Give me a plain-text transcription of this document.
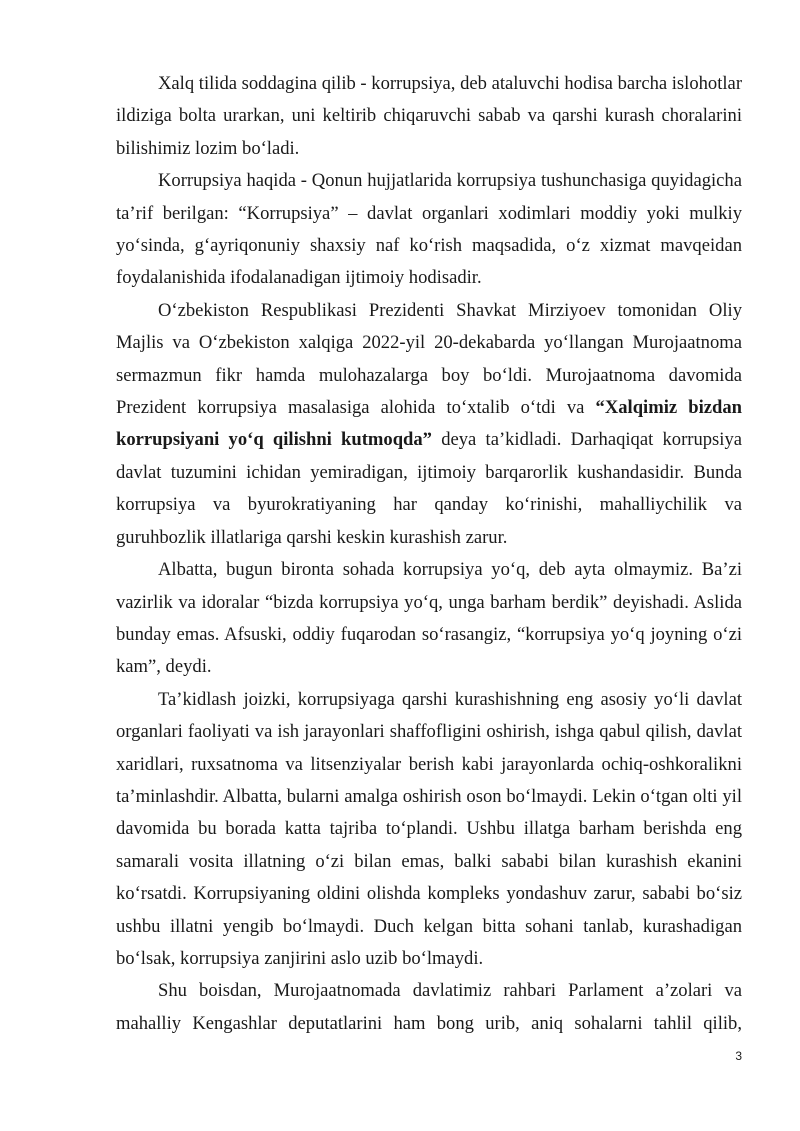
Xalq tilida soddagina qilib - korrupsiya, deb ataluvchi hodisa barcha islohotlar ildiziga bolta urarkan, uni keltirib chiqaruvchi sabab va qarshi kurash choralarini bilishimiz lozim boʻladi.

Korrupsiya haqida - Qonun hujjatlarida korrupsiya tushunchasiga quyidagicha taʼrif berilgan: “Korrupsiya” – davlat organlari xodimlari moddiy yoki mulkiy yoʻsinda, gʻayriqonuniy shaxsiy naf koʻrish maqsadida, oʻz xizmat mavqeidan foydalanishida ifodalanadigan ijtimoiy hodisadir.

Oʻzbekiston Respublikasi Prezidenti Shavkat Mirziyoev tomonidan Oliy Majlis va Oʻzbekiston xalqiga 2022-yil 20-dekabarda yoʻllangan Murojaatnoma sermazmun fikr hamda mulohazalarga boy boʻldi. Murojaatnoma davomida Prezident korrupsiya masalasiga alohida toʻxtalib oʻtdi va “Xalqimiz bizdan korrupsiyani yoʻq qilishni kutmoqda” deya taʼkidladi. Darhaqiqat korrupsiya davlat tuzumini ichidan yemiradigan, ijtimoiy barqarorlik kushandasidir. Bunda korrupsiya va byurokratiyaning har qanday koʻrinishi, mahalliychilik va guruhbozlik illatlariga qarshi keskin kurashish zarur.

Albatta, bugun bironta sohada korrupsiya yoʻq, deb ayta olmaymiz. Baʼzi vazirlik va idoralar “bizda korrupsiya yoʻq, unga barham berdik” deyishadi. Aslida bunday emas. Afsuski, oddiy fuqarodan soʻrasangiz, “korrupsiya yoʻq joyning oʻzi kam”, deydi.

Taʼkidlash joizki, korrupsiyaga qarshi kurashishning eng asosiy yoʻli davlat organlari faoliyati va ish jarayonlari shaffofligini oshirish, ishga qabul qilish, davlat xaridlari, ruxsatnoma va litsenziyalar berish kabi jarayonlarda ochiq-oshkoralikni taʼminlashdir. Albatta, bularni amalga oshirish oson boʻlmaydi. Lekin oʻtgan olti yil davomida bu borada katta tajriba toʻplandi. Ushbu illatga barham berishda eng samarali vosita illatning oʻzi bilan emas, balki sababi bilan kurashish ekanini koʻrsatdi. Korrupsiyaning oldini olishda kompleks yondashuv zarur, sababi boʻsiz ushbu illatni yengib boʻlmaydi. Duch kelgan bitta sohani tanlab, kurashadigan boʻlsak, korrupsiya zanjirini aslo uzib boʻlmaydi.

Shu boisdan, Murojaatnomada davlatimiz rahbari Parlament aʼzolari va mahalliy Kengashlar deputatlarini ham bong urib, aniq sohalarni tahlil qilib,

3
